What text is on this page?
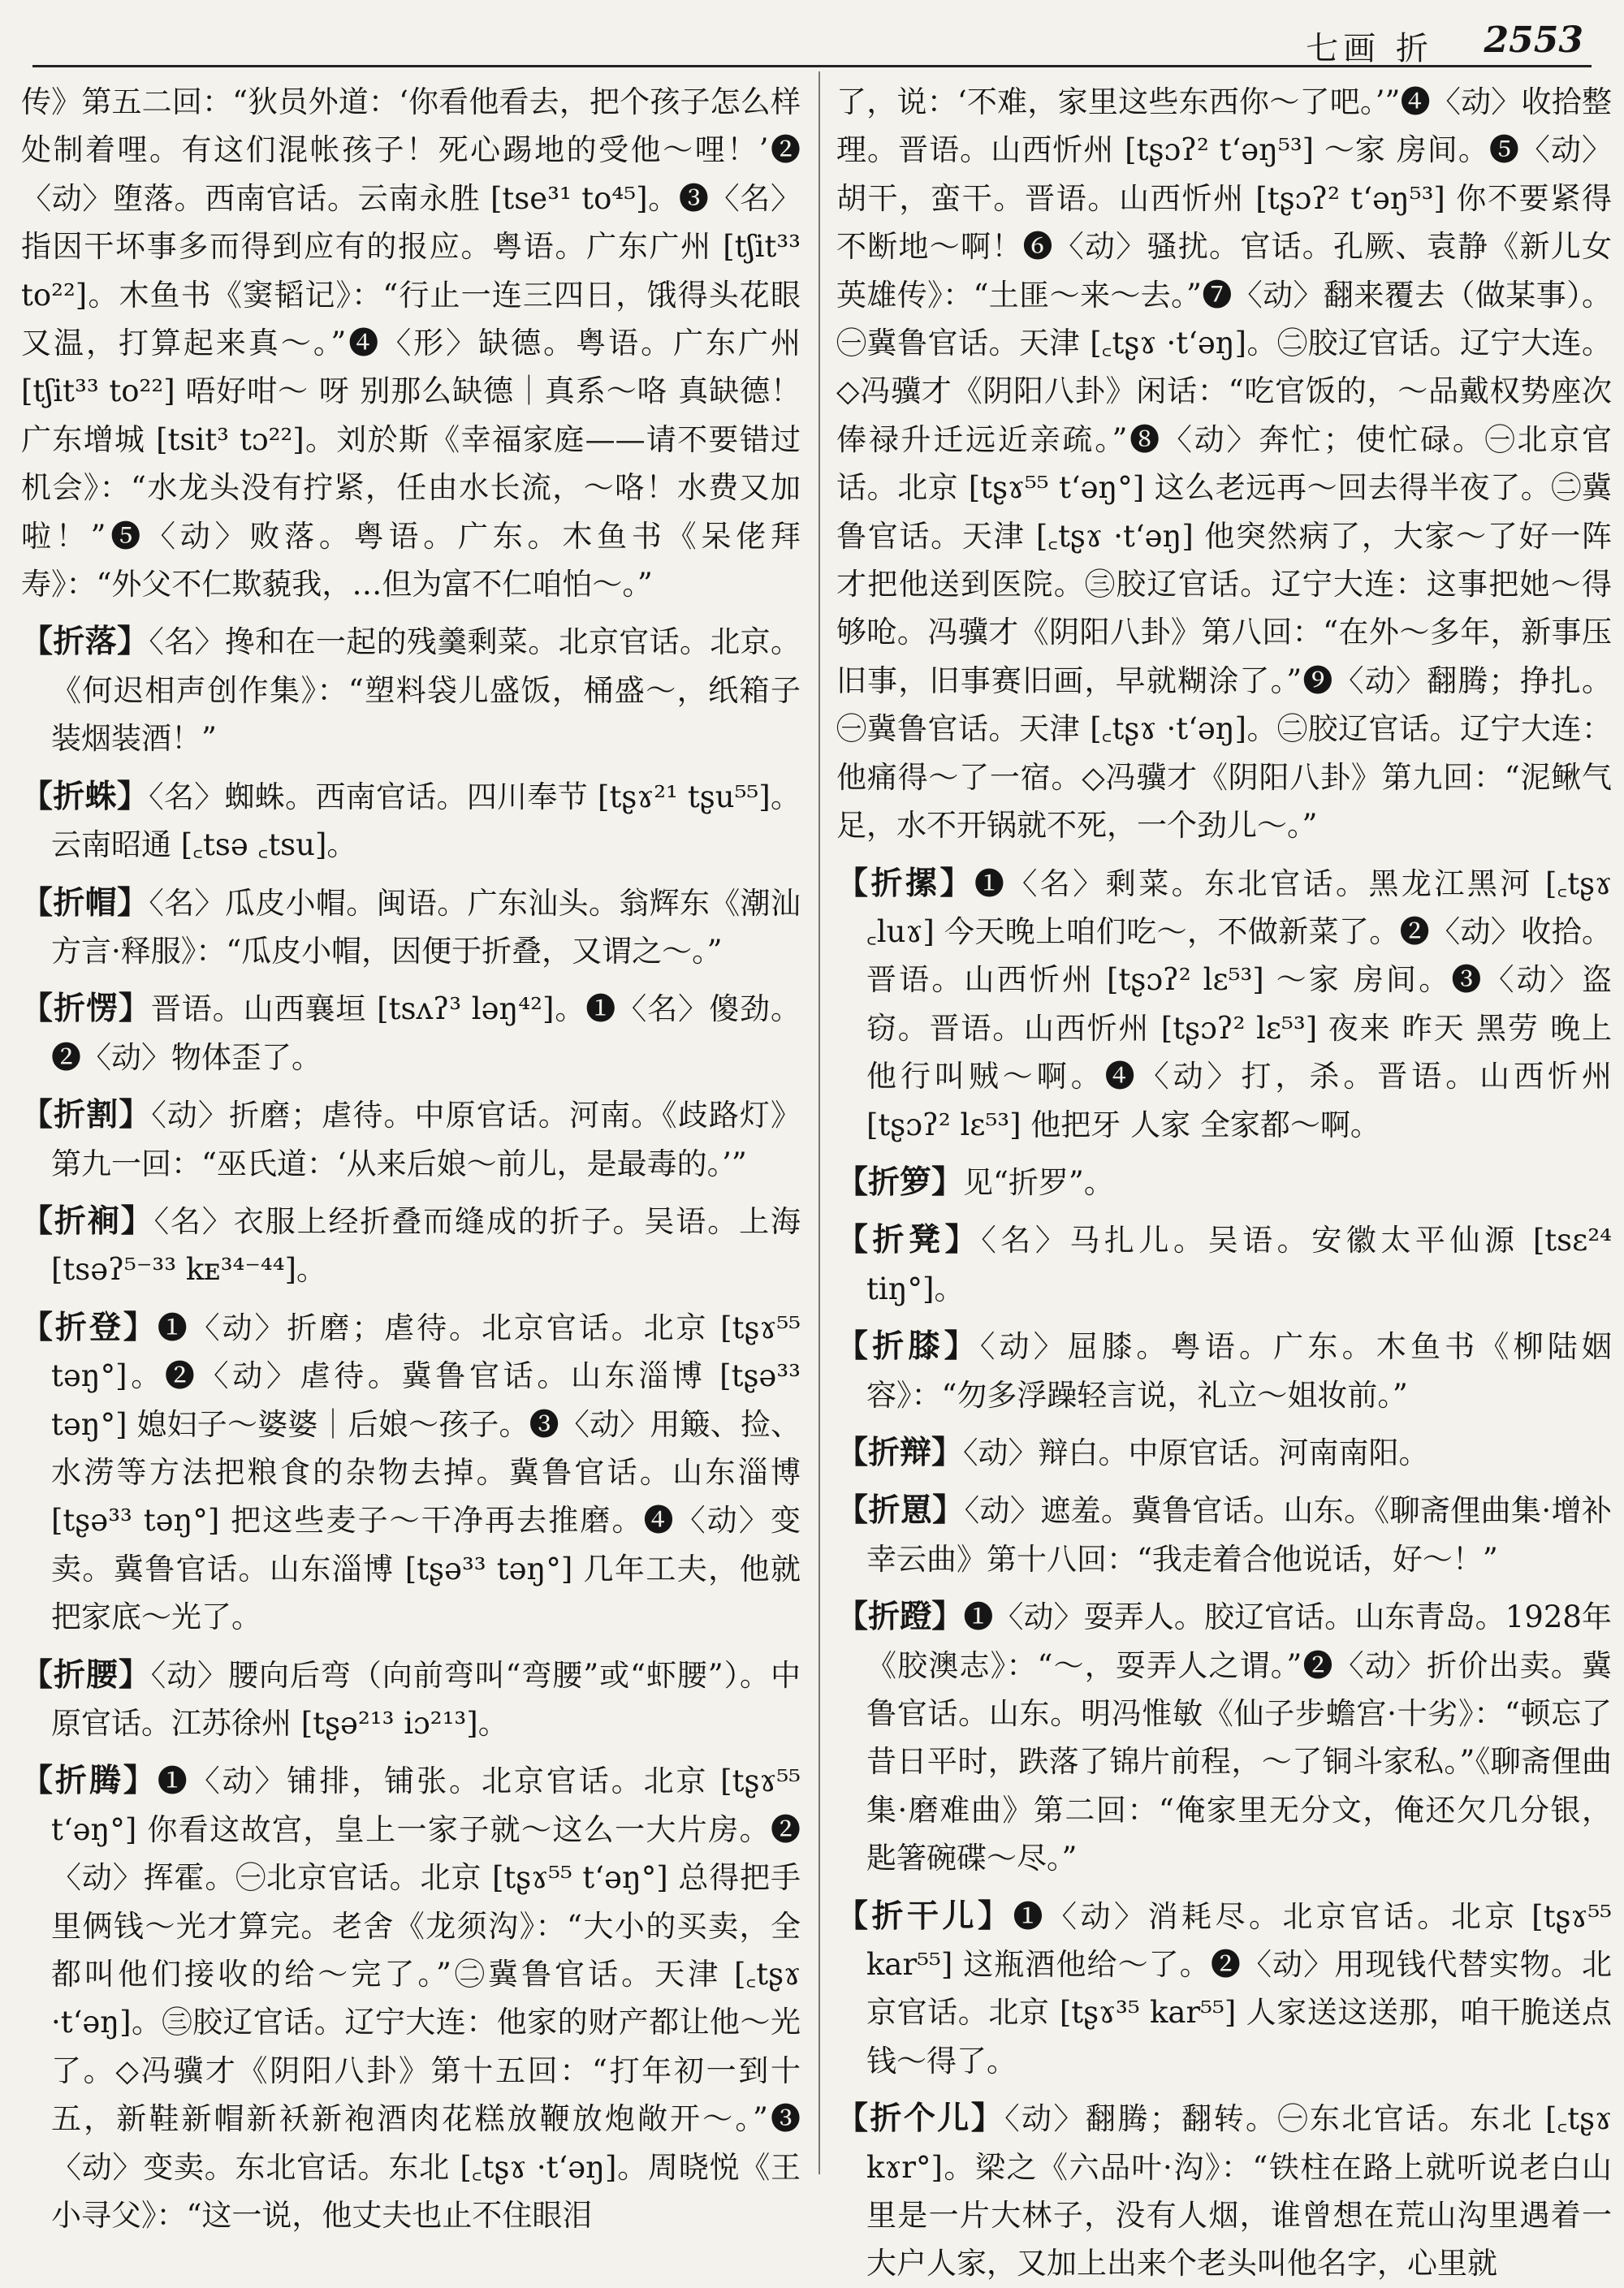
七画 折 2553

传》第五二回：“狄员外道：‘你看他看去，把个孩子怎么样处制着哩。有这们混帐孩子！死心踢地的受他～哩！’❷〈动〉堕落。西南官话。云南永胜 [tse³¹ to⁴⁵]。❸〈名〉指因干坏事多而得到应有的报应。粤语。广东广州 [tʃit³³ to²²]。木鱼书《窦韬记》：“行止一连三四日，饿得头花眼又温，打算起来真～。”❹〈形〉缺德。粤语。广东广州 [tʃit³³ to²²] 唔好咁～ 呀 别那么缺德｜真系～咯 真缺德！广东增城 [tsit³ tɔ²²]。刘於斯《幸福家庭——请不要错过机会》：“水龙头没有拧紧，任由水长流，～咯！水费又加啦！”❺〈动〉败落。粤语。广东。木鱼书《呆佬拜寿》：“外父不仁欺藐我，…但为富不仁咱怕～。”

【折落】〈名〉搀和在一起的残羹剩菜。北京官话。北京。《何迟相声创作集》：“塑料袋儿盛饭，桶盛～，纸箱子装烟装酒！”

【折蛛】〈名〉蜘蛛。西南官话。四川奉节 [tʂɤ²¹ tʂu⁵⁵]。云南昭通 [꜀tsə ꜀tsu]。

【折帽】〈名〉瓜皮小帽。闽语。广东汕头。翁辉东《潮汕方言·释服》：“瓜皮小帽，因便于折叠，又谓之～。”

【折愣】晋语。山西襄垣 [tsʌʔ³ ləŋ⁴²]。❶〈名〉傻劲。❷〈动〉物体歪了。

【折割】〈动〉折磨；虐待。中原官话。河南。《歧路灯》第九一回：“巫氏道：‘从来后娘～前儿，是最毒的。’”

【折裥】〈名〉衣服上经折叠而缝成的折子。吴语。上海 [tsəʔ⁵⁻³³ kᴇ³⁴⁻⁴⁴]。

【折登】❶〈动〉折磨；虐待。北京官话。北京 [tʂɤ⁵⁵ təŋ°]。❷〈动〉虐待。冀鲁官话。山东淄博 [tʂə³³ təŋ°] 媳妇子～婆婆｜后娘～孩子。❸〈动〉用簸、捡、水涝等方法把粮食的杂物去掉。冀鲁官话。山东淄博 [tʂə³³ təŋ°] 把这些麦子～干净再去推磨。❹〈动〉变卖。冀鲁官话。山东淄博 [tʂə³³ təŋ°] 几年工夫，他就把家底～光了。

【折腰】〈动〉腰向后弯（向前弯叫“弯腰”或“虾腰”）。中原官话。江苏徐州 [tʂə²¹³ iɔ²¹³]。

【折腾】❶〈动〉铺排，铺张。北京官话。北京 [tʂɤ⁵⁵ tʻəŋ°] 你看这故宫，皇上一家子就～这么一大片房。❷〈动〉挥霍。㊀北京官话。北京 [tʂɤ⁵⁵ tʻəŋ°] 总得把手里俩钱～光才算完。老舍《龙须沟》：“大小的买卖，全都叫他们接收的给～完了。”㊁冀鲁官话。天津 [꜀tʂɤ ·tʻəŋ]。㊂胶辽官话。辽宁大连：他家的财产都让他～光了。◇冯骥才《阴阳八卦》第十五回：“打年初一到十五，新鞋新帽新袄新袍酒肉花糕放鞭放炮敞开～。”❸〈动〉变卖。东北官话。东北 [꜀tʂɤ ·tʻəŋ]。周晓悦《王小寻父》：“这一说，他丈夫也止不住眼泪

了，说：‘不难，家里这些东西你～了吧。’”❹〈动〉收拾整理。晋语。山西忻州 [tʂɔʔ² tʻəŋ⁵³] ～家 房间。❺〈动〉胡干，蛮干。晋语。山西忻州 [tʂɔʔ² tʻəŋ⁵³] 你不要紧得不断地～啊！❻〈动〉骚扰。官话。孔厥、袁静《新儿女英雄传》：“土匪～来～去。”❼〈动〉翻来覆去（做某事）。㊀冀鲁官话。天津 [꜀tʂɤ ·tʻəŋ]。㊁胶辽官话。辽宁大连。◇冯骥才《阴阳八卦》闲话：“吃官饭的，～品戴权势座次俸禄升迁远近亲疏。”❽〈动〉奔忙；使忙碌。㊀北京官话。北京 [tʂɤ⁵⁵ tʻəŋ°] 这么老远再～回去得半夜了。㊁冀鲁官话。天津 [꜀tʂɤ ·tʻəŋ] 他突然病了，大家～了好一阵才把他送到医院。㊂胶辽官话。辽宁大连：这事把她～得够呛。冯骥才《阴阳八卦》第八回：“在外～多年，新事压旧事，旧事赛旧画，早就糊涂了。”❾〈动〉翻腾；挣扎。㊀冀鲁官话。天津 [꜀tʂɤ ·tʻəŋ]。㊁胶辽官话。辽宁大连：他痛得～了一宿。◇冯骥才《阴阳八卦》第九回：“泥鳅气足，水不开锅就不死，一个劲儿～。”

【折摞】❶〈名〉剩菜。东北官话。黑龙江黑河 [꜀tʂɤ ꜀luɤ] 今天晚上咱们吃～，不做新菜了。❷〈动〉收拾。晋语。山西忻州 [tʂɔʔ² lɛ⁵³] ～家 房间。❸〈动〉盗窃。晋语。山西忻州 [tʂɔʔ² lɛ⁵³] 夜来 昨天 黑劳 晚上 他行叫贼～啊。❹〈动〉打，杀。晋语。山西忻州 [tʂɔʔ² lɛ⁵³] 他把牙 人家 全家都～啊。

【折箩】见“折罗”。

【折凳】〈名〉马扎儿。吴语。安徽太平仙源 [tsɛ²⁴ tiŋ°]。

【折膝】〈动〉屈膝。粤语。广东。木鱼书《柳陆姻容》：“勿多浮躁轻言说，礼立～姐妆前。”

【折辩】〈动〉辩白。中原官话。河南南阳。

【折罳】〈动〉遮羞。冀鲁官话。山东。《聊斋俚曲集·增补幸云曲》第十八回：“我走着合他说话，好～！”

【折蹬】❶〈动〉耍弄人。胶辽官话。山东青岛。1928年《胶澳志》：“～，耍弄人之谓。”❷〈动〉折价出卖。冀鲁官话。山东。明冯惟敏《仙子步蟾宫·十劣》：“顿忘了昔日平时，跌落了锦片前程，～了铜斗家私。”《聊斋俚曲集·磨难曲》第二回：“俺家里无分文，俺还欠几分银，匙箸碗碟～尽。”

【折干儿】❶〈动〉消耗尽。北京官话。北京 [tʂɤ⁵⁵ kar⁵⁵] 这瓶酒他给～了。❷〈动〉用现钱代替实物。北京官话。北京 [tʂɤ³⁵ kar⁵⁵] 人家送这送那，咱干脆送点钱～得了。

【折个儿】〈动〉翻腾；翻转。㊀东北官话。东北 [꜀tʂɤ kɤr°]。梁之《六品叶·沟》：“铁柱在路上就听说老白山里是一片大林子，没有人烟，谁曾想在荒山沟里遇着一大户人家，又加上出来个老头叫他名字，心里就
